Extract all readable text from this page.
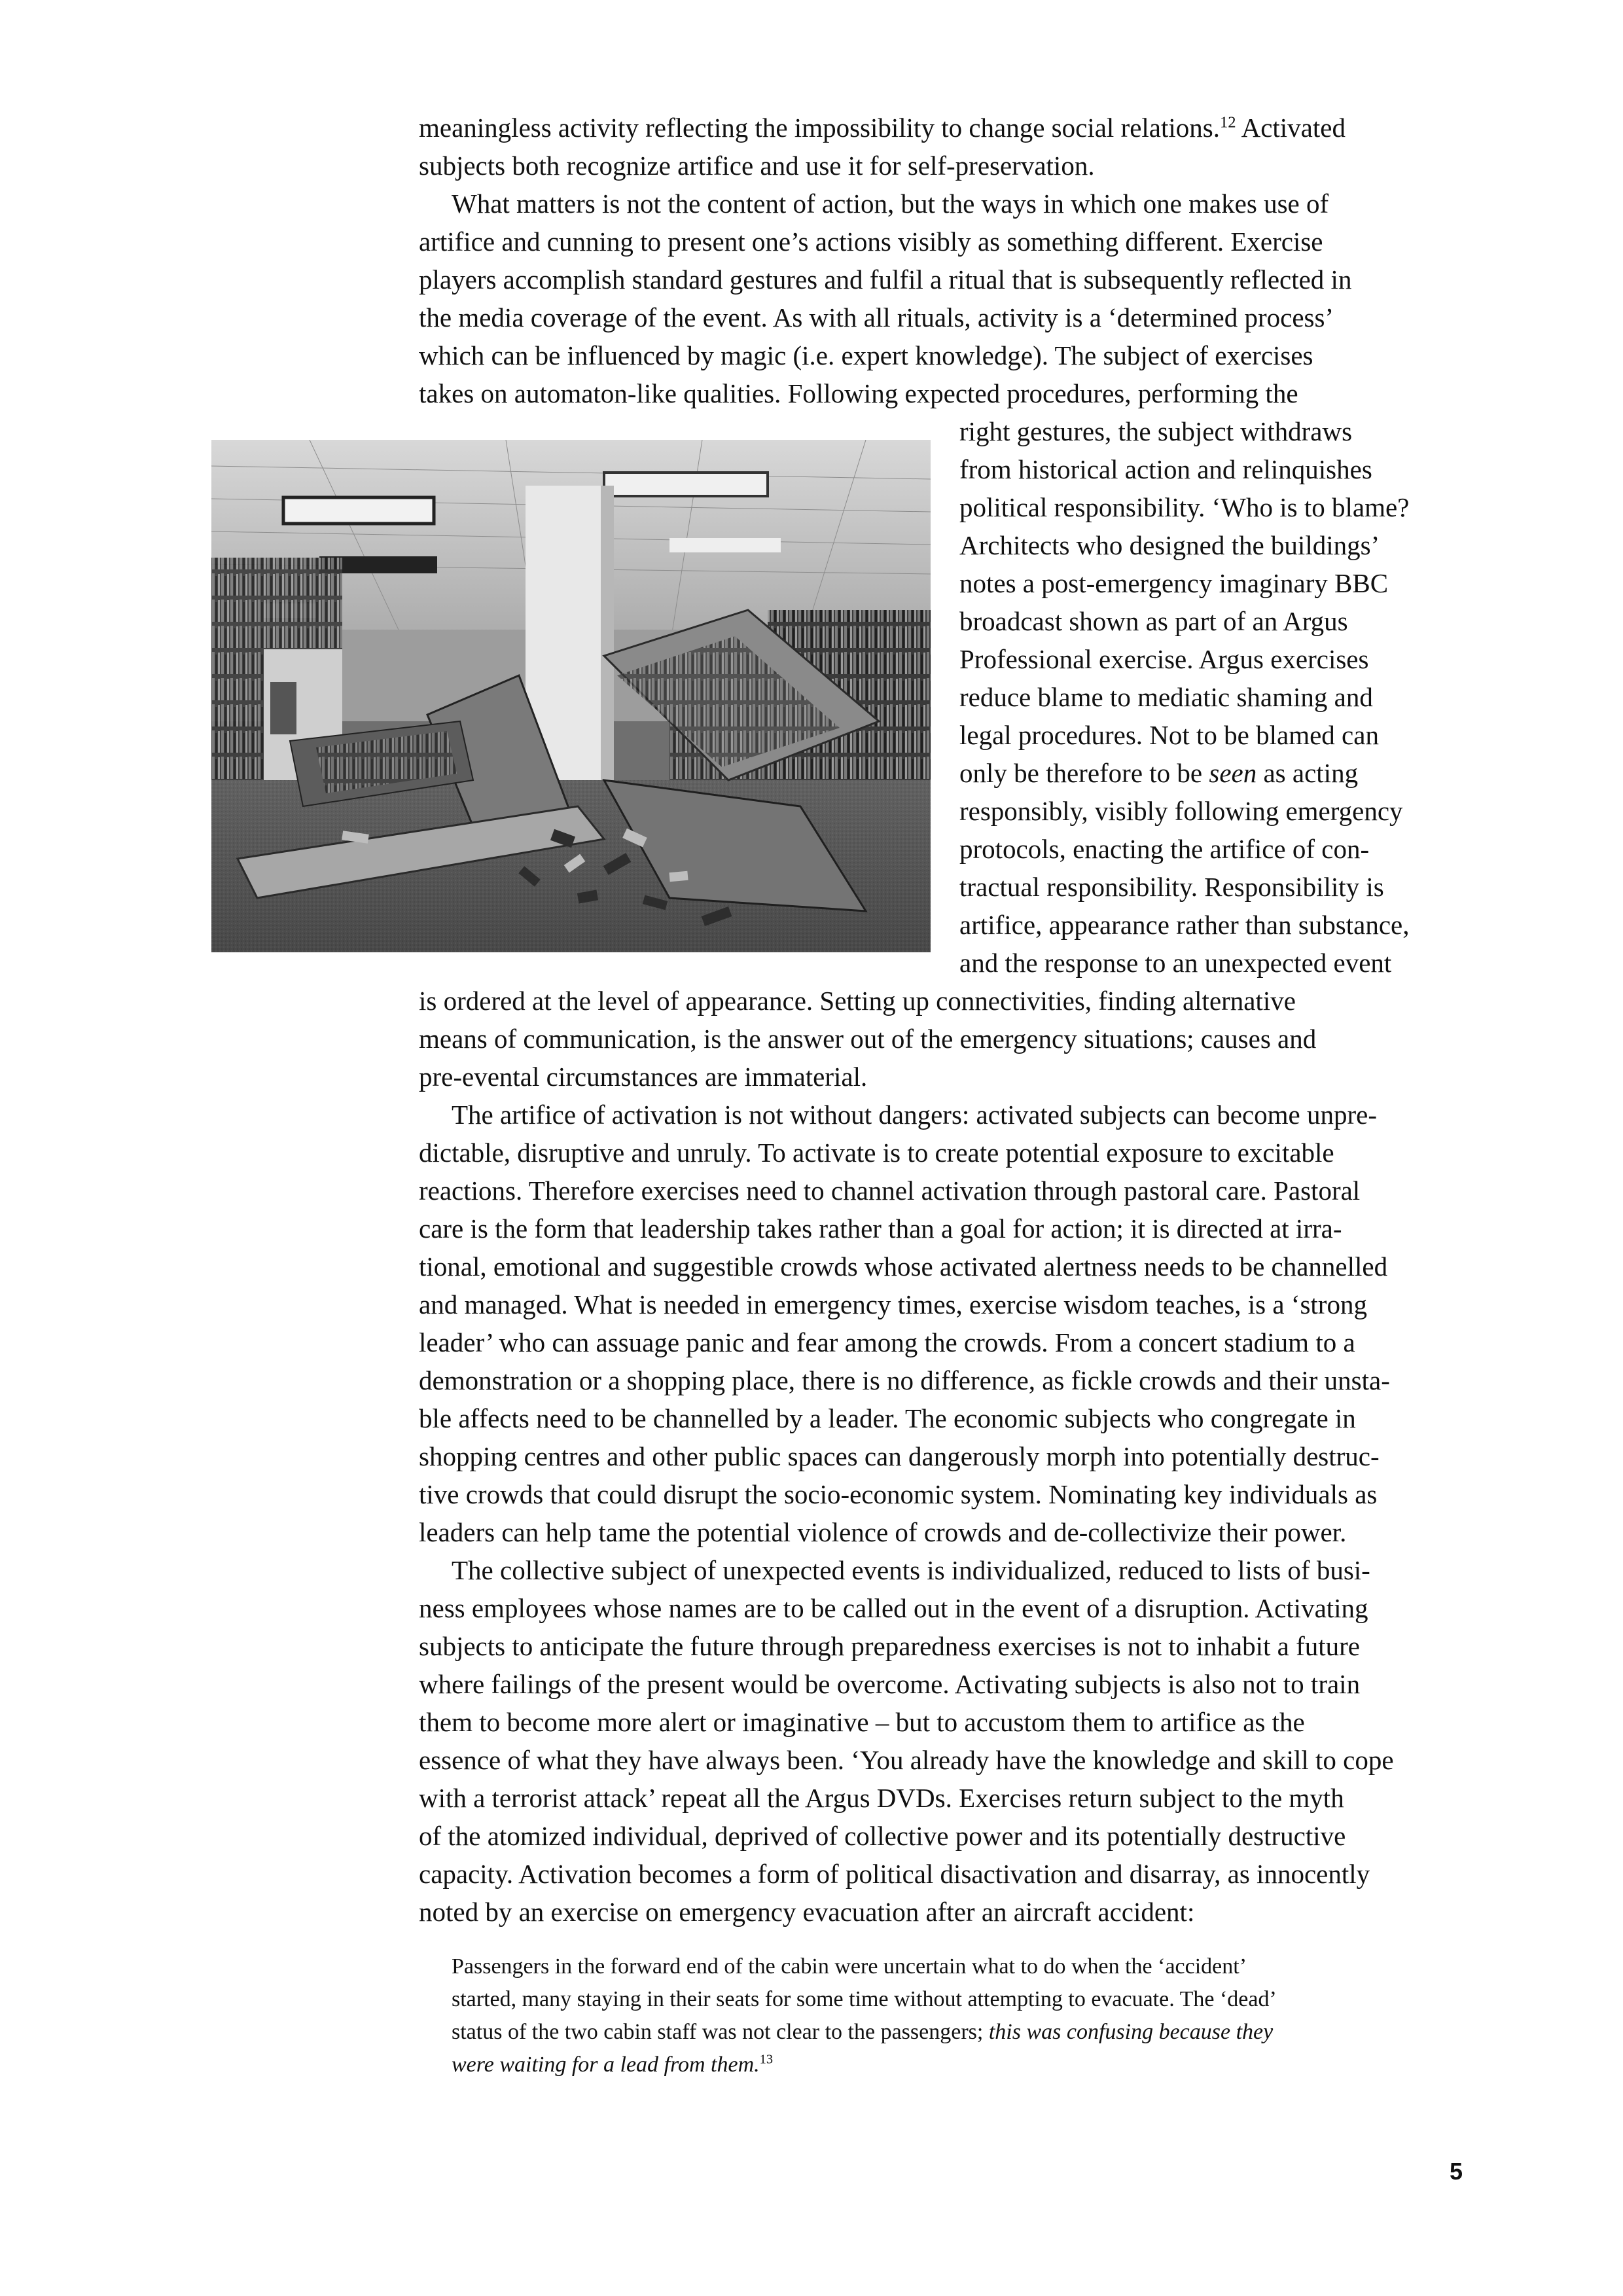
meaningless activity reflecting the impossibility to change social relations.$^{12}$ Activated
subjects both recognize artifice and use it for self-preservation.
What matters is not the content of action, but the ways in which one makes use of
artifice and cunning to present one’s actions visibly as something different. Exercise
players accomplish standard gestures and fulfil a ritual that is subsequently reflected in
the media coverage of the event. As with all rituals, activity is a ‘determined process’
which can be influenced by magic (i.e. expert knowledge). The subject of exercises
takes on automaton-like qualities. Following expected procedures, performing the
right gestures, the subject withdraws
from historical action and relinquishes
political responsibility. ‘Who is to blame?
Architects who designed the buildings’
notes a post-emergency imaginary BBC
broadcast shown as part of an Argus
Professional exercise. Argus exercises
reduce blame to mediatic shaming and
legal procedures. Not to be blamed can
only be therefore to be seen as acting
responsibly, visibly following emergency
protocols, enacting the artifice of con-
tractual responsibility. Responsibility is
artifice, appearance rather than substance,
and the response to an unexpected event
is ordered at the level of appearance. Setting up connectivities, finding alternative
means of communication, is the answer out of the emergency situations; causes and
pre-evental circumstances are immaterial.
The artifice of activation is not without dangers: activated subjects can become unpre-
dictable, disruptive and unruly. To activate is to create potential exposure to excitable
reactions. Therefore exercises need to channel activation through pastoral care. Pastoral
care is the form that leadership takes rather than a goal for action; it is directed at irra-
tional, emotional and suggestible crowds whose activated alertness needs to be channelled
and managed. What is needed in emergency times, exercise wisdom teaches, is a ‘strong
leader’ who can assuage panic and fear among the crowds. From a concert stadium to a
demonstration or a shopping place, there is no difference, as fickle crowds and their unsta-
ble affects need to be channelled by a leader. The economic subjects who congregate in
shopping centres and other public spaces can dangerously morph into potentially destruc-
tive crowds that could disrupt the socio-economic system. Nominating key individuals as
leaders can help tame the potential violence of crowds and de-collectivize their power.
The collective subject of unexpected events is individualized, reduced to lists of busi-
ness employees whose names are to be called out in the event of a disruption. Activating
subjects to anticipate the future through preparedness exercises is not to inhabit a future
where failings of the present would be overcome. Activating subjects is also not to train
them to become more alert or imaginative – but to accustom them to artifice as the
essence of what they have always been. ‘You already have the knowledge and skill to cope
with a terrorist attack’ repeat all the Argus DVDs. Exercises return subject to the myth
of the atomized individual, deprived of collective power and its potentially destructive
capacity. Activation becomes a form of political disactivation and disarray, as innocently
noted by an exercise on emergency evacuation after an aircraft accident:
Passengers in the forward end of the cabin were uncertain what to do when the ‘accident’
started, many staying in their seats for some time without attempting to evacuate. The ‘dead’
status of the two cabin staff was not clear to the passengers; this was confusing because they
were waiting for a lead from them.$^{13}$
5
